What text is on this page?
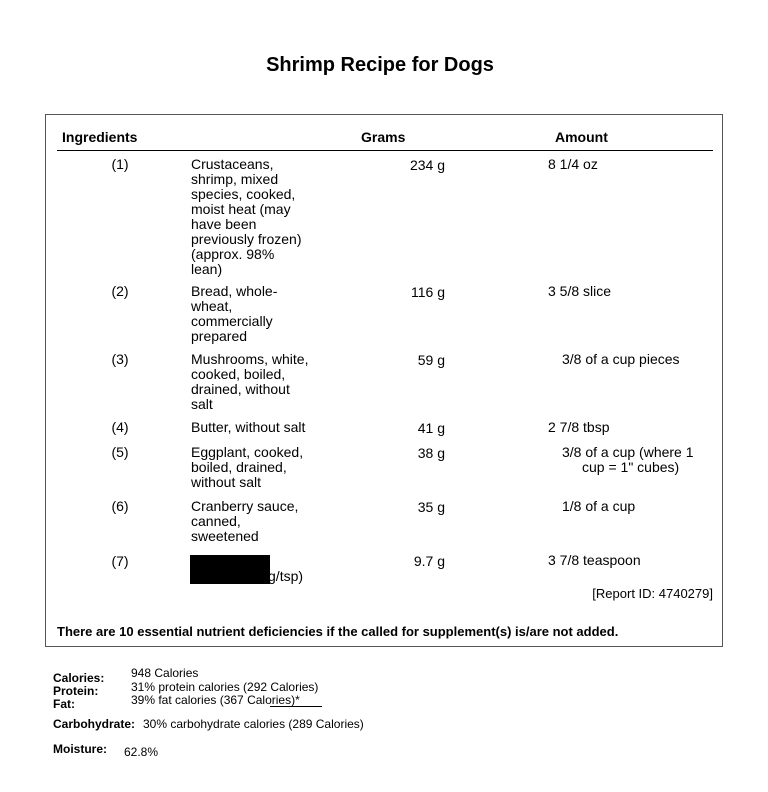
Shrimp Recipe for Dogs
Ingredients	Grams	Amount
(1)	Crustaceans,
shrimp, mixed
species, cooked,
moist heat (may
have been
previously frozen)
(approx. 98%
lean)
234 g	8 1/4 oz
(2)	Bread, whole-
wheat,
commercially
prepared
116 g	3 5/8 slice
(3)	Mushrooms, white,
cooked, boiled,
drained, without
salt
59 g	3/8 of a cup pieces
(4)	Butter, without salt	41 g	2 7/8 tbsp
(5)	Eggplant, cooked,
boiled, drained,
without salt
38 g	3/8 of a cup (where 1
cup = 1" cubes)
(6)	Cranberry sauce,
canned,
sweetened
35 g	1/8 of a cup
(7)
(2.5 g/tsp)
9.7 g	3 7/8 teaspoon
[Report ID: 4740279]
There are 10 essential nutrient deficiencies if the called for supplement(s) is/are not added.
Calories: 948 Calories
Protein:	31% protein calories (292 Calories)
Fat:	39% fat calories (367 Calories)*
Carbohydrate: 30% carbohydrate calories (289 Calories)
Moisture: 62.8%
